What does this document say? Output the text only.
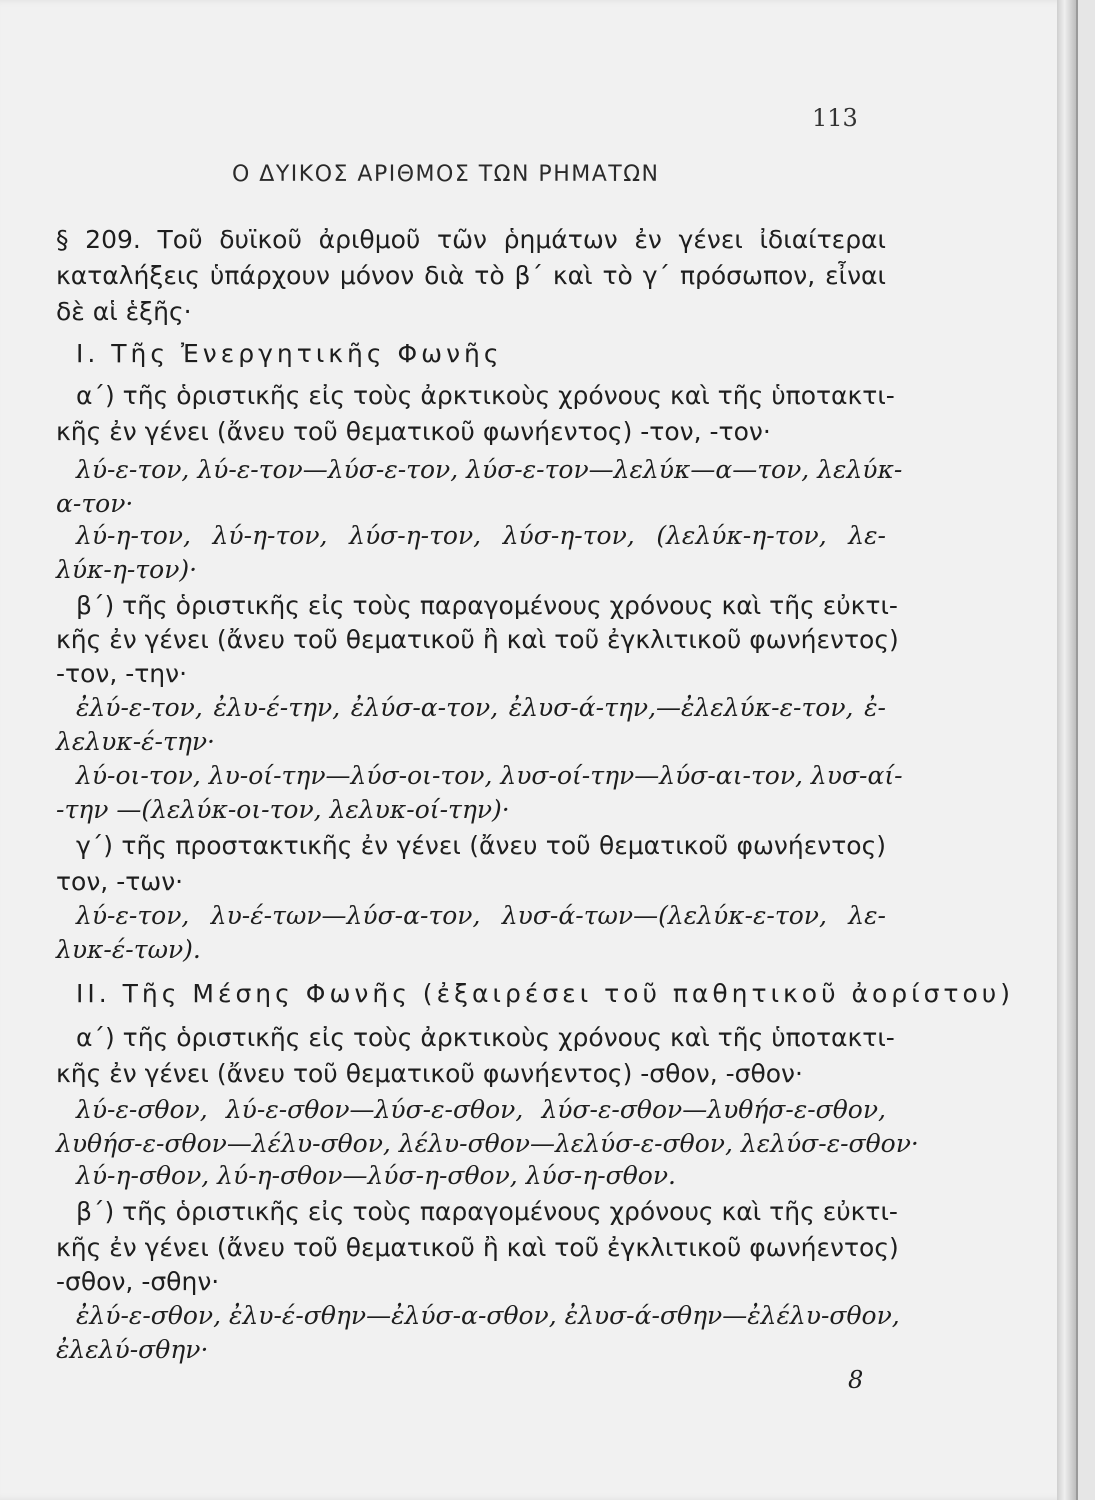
113
Ο ΔΥΙΚΟΣ ΑΡΙΘΜΟΣ ΤΩΝ ΡΗΜΑΤΩΝ
§ 209. Τοῦ δυϊκοῦ ἀριθμοῦ τῶν ῥημάτων ἐν γένει ἰδιαίτεραι
καταλήξεις ὑπάρχουν μόνον διὰ τὸ β΄ καὶ τὸ γ΄ πρόσωπον, εἶναι
δὲ αἱ ἑξῆς·
Ι. Τῆς Ἐνεργητικῆς Φωνῆς
α΄) τῆς ὁριστικῆς εἰς τοὺς ἀρκτικοὺς χρόνους καὶ τῆς ὑποτακτι-
κῆς ἐν γένει (ἄνευ τοῦ θεματικοῦ φωνήεντος) -τον, -τον·
λύ-ε-τον, λύ-ε-τον—λύσ-ε-τον, λύσ-ε-τον—λελύκ—α—τον, λελύκ-
α-τον·
λύ-η-τον, λύ-η-τον, λύσ-η-τον, λύσ-η-τον, (λελύκ-η-τον, λε-
λύκ-η-τον)·
β΄) τῆς ὁριστικῆς εἰς τοὺς παραγομένους χρόνους καὶ τῆς εὐκτι-
κῆς ἐν γένει (ἄνευ τοῦ θεματικοῦ ἢ καὶ τοῦ ἐγκλιτικοῦ φωνήεντος)
-τον, -την·
ἐλύ-ε-τον, ἐλυ-έ-την, ἐλύσ-α-τον, ἐλυσ-ά-την,—ἐλελύκ-ε-τον, ἐ-
λελυκ-έ-την·
λύ-οι-τον, λυ-οί-την—λύσ-οι-τον, λυσ-οί-την—λύσ-αι-τον, λυσ-αί-
-την —(λελύκ-οι-τον, λελυκ-οί-την)·
γ΄) τῆς προστακτικῆς ἐν γένει (ἄνευ τοῦ θεματικοῦ φωνήεντος)
τον, -των·
λύ-ε-τον, λυ-έ-των—λύσ-α-τον, λυσ-ά-των—(λελύκ-ε-τον, λε-
λυκ-έ-των).
ΙΙ. Τῆς Μέσης Φωνῆς (ἐξαιρέσει τοῦ παθητικοῦ ἀορίστου)
α΄) τῆς ὁριστικῆς εἰς τοὺς ἀρκτικοὺς χρόνους καὶ τῆς ὑποτακτι-
κῆς ἐν γένει (ἄνευ τοῦ θεματικοῦ φωνήεντος) -σθον, -σθον·
λύ-ε-σθον, λύ-ε-σθον—λύσ-ε-σθον, λύσ-ε-σθον—λυθήσ-ε-σθον,
λυθήσ-ε-σθον—λέλυ-σθον, λέλυ-σθον—λελύσ-ε-σθον, λελύσ-ε-σθον·
λύ-η-σθον, λύ-η-σθον—λύσ-η-σθον, λύσ-η-σθον.
β΄) τῆς ὁριστικῆς εἰς τοὺς παραγομένους χρόνους καὶ τῆς εὐκτι-
κῆς ἐν γένει (ἄνευ τοῦ θεματικοῦ ἢ καὶ τοῦ ἐγκλιτικοῦ φωνήεντος)
-σθον, -σθην·
ἐλύ-ε-σθον, ἐλυ-έ-σθην—ἐλύσ-α-σθον, ἐλυσ-ά-σθην—ἐλέλυ-σθον,
ἐλελύ-σθην·
8
